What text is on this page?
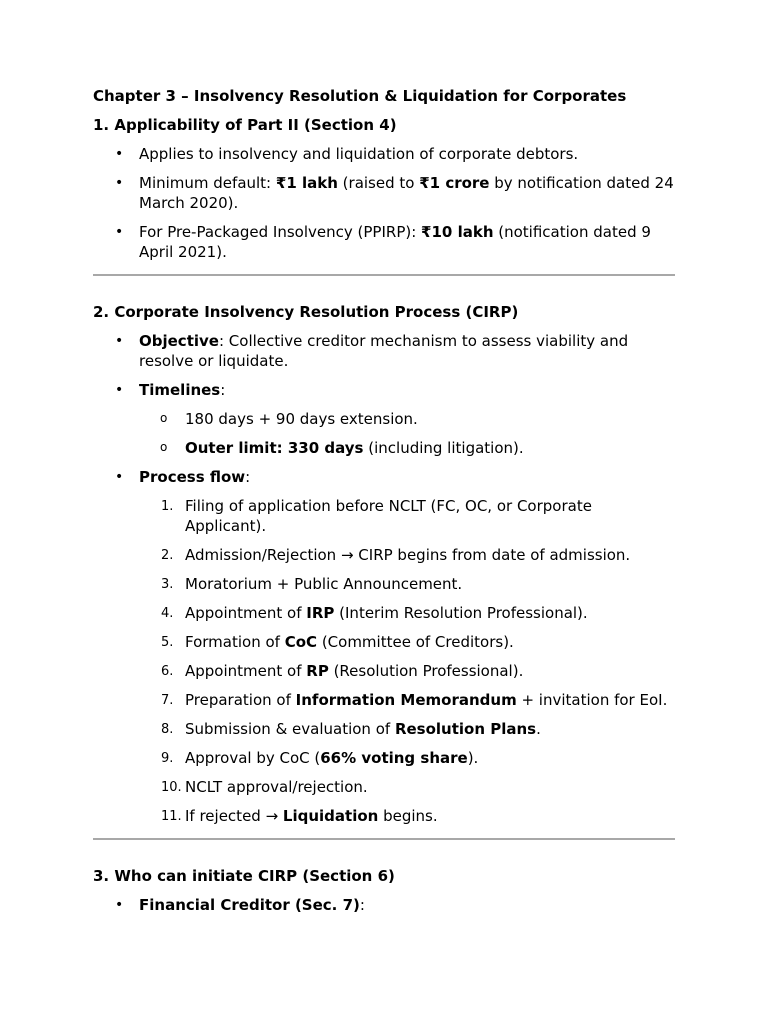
Chapter 3 – Insolvency Resolution & Liquidation for Corporates
1. Applicability of Part II (Section 4)
• Applies to insolvency and liquidation of corporate debtors.
• Minimum default: ₹1 lakh (raised to ₹1 crore by notification dated 24 March 2020).
• For Pre-Packaged Insolvency (PPIRP): ₹10 lakh (notification dated 9 April 2021).
2. Corporate Insolvency Resolution Process (CIRP)
• Objective: Collective creditor mechanism to assess viability and resolve or liquidate.
• Timelines:
o 180 days + 90 days extension.
o Outer limit: 330 days (including litigation).
• Process flow:
1. Filing of application before NCLT (FC, OC, or Corporate Applicant).
2. Admission/Rejection → CIRP begins from date of admission.
3. Moratorium + Public Announcement.
4. Appointment of IRP (Interim Resolution Professional).
5. Formation of CoC (Committee of Creditors).
6. Appointment of RP (Resolution Professional).
7. Preparation of Information Memorandum + invitation for EoI.
8. Submission & evaluation of Resolution Plans.
9. Approval by CoC (66% voting share).
10. NCLT approval/rejection.
11. If rejected → Liquidation begins.
3. Who can initiate CIRP (Section 6)
• Financial Creditor (Sec. 7):
